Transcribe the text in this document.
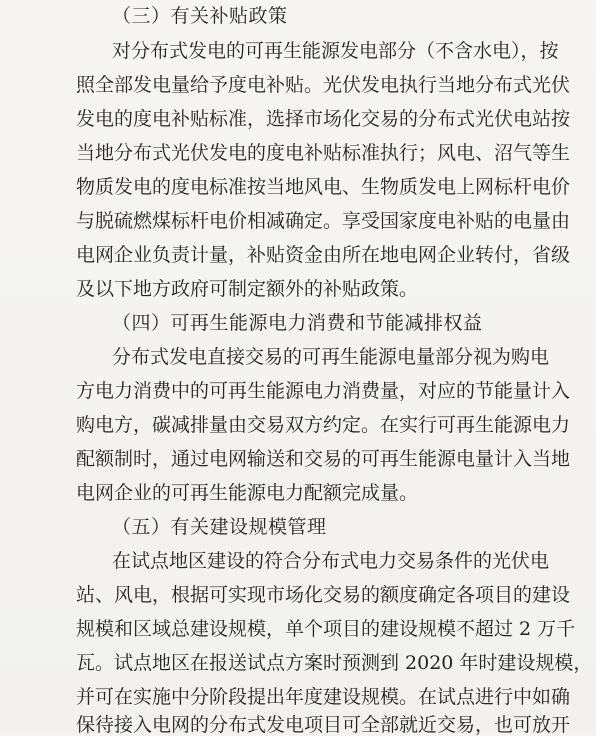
（三）有关补贴政策
对分布式发电的可再生能源发电部分（不含水电），按
照全部发电量给予度电补贴。光伏发电执行当地分布式光伏
发电的度电补贴标准，选择市场化交易的分布式光伏电站按
当地分布式光伏发电的度电补贴标准执行；风电、沼气等生
物质发电的度电标准按当地风电、生物质发电上网标杆电价
与脱硫燃煤标杆电价相减确定。享受国家度电补贴的电量由
电网企业负责计量，补贴资金由所在地电网企业转付，省级
及以下地方政府可制定额外的补贴政策。
（四）可再生能源电力消费和节能减排权益
分布式发电直接交易的可再生能源电量部分视为购电
方电力消费中的可再生能源电力消费量，对应的节能量计入
购电方，碳减排量由交易双方约定。在实行可再生能源电力
配额制时，通过电网输送和交易的可再生能源电量计入当地
电网企业的可再生能源电力配额完成量。
（五）有关建设规模管理
在试点地区建设的符合分布式电力交易条件的光伏电
站、风电，根据可实现市场化交易的额度确定各项目的建设
规模和区域总建设规模，单个项目的建设规模不超过 2 万千
瓦。试点地区在报送试点方案时预测到 2020 年时建设规模，
并可在实施中分阶段提出年度建设规模。在试点进行中如确
保待接入电网的分布式发电项目可全部就近交易，也可放开
